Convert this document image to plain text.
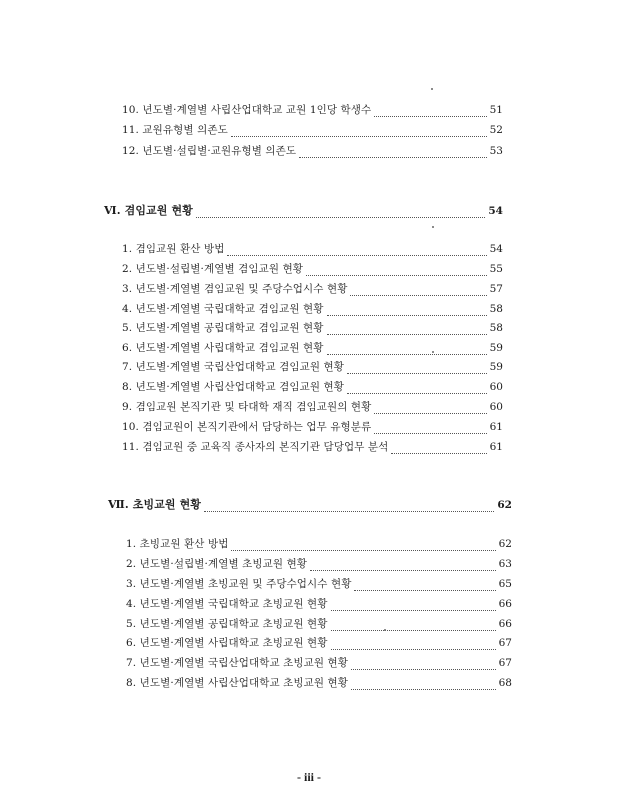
10. 년도별·계열별 사립산업대학교 교원 1인당 학생수	51
11. 교원유형별 의존도	52
12. 년도별·설립별·교원유형별 의존도	53
Ⅵ. 겸임교원 현황	54
1. 겸임교원 환산 방법	54
2. 년도별·설립별·계열별 겸임교원 현황	55
3. 년도별·계열별 겸임교원 및 주당수업시수 현황	57
4. 년도별·계열별 국립대학교 겸임교원 현황	58
5. 년도별·계열별 공립대학교 겸임교원 현황	58
6. 년도별·계열별 사립대학교 겸임교원 현황	59
7. 년도별·계열별 국립산업대학교 겸임교원 현황	59
8. 년도별·계열별 사립산업대학교 겸임교원 현황	60
9. 겸임교원 본직기관 및 타대학 재직 겸임교원의 현황	60
10. 겸임교원이 본직기관에서 담당하는 업무 유형분류	61
11. 겸임교원 중 교육직 종사자의 본직기관 담당업무 분석	61
Ⅶ. 초빙교원 현황	62
1. 초빙교원 환산 방법	62
2. 년도별·설립별·계열별 초빙교원 현황	63
3. 년도별·계열별 초빙교원 및 주당수업시수 현황	65
4. 년도별·계열별 국립대학교 초빙교원 현황	66
5. 년도별·계열별 공립대학교 초빙교원 현황	66
6. 년도별·계열별 사립대학교 초빙교원 현황	67
7. 년도별·계열별 국립산업대학교 초빙교원 현황	67
8. 년도별·계열별 사립산업대학교 초빙교원 현황	68
- iii -
